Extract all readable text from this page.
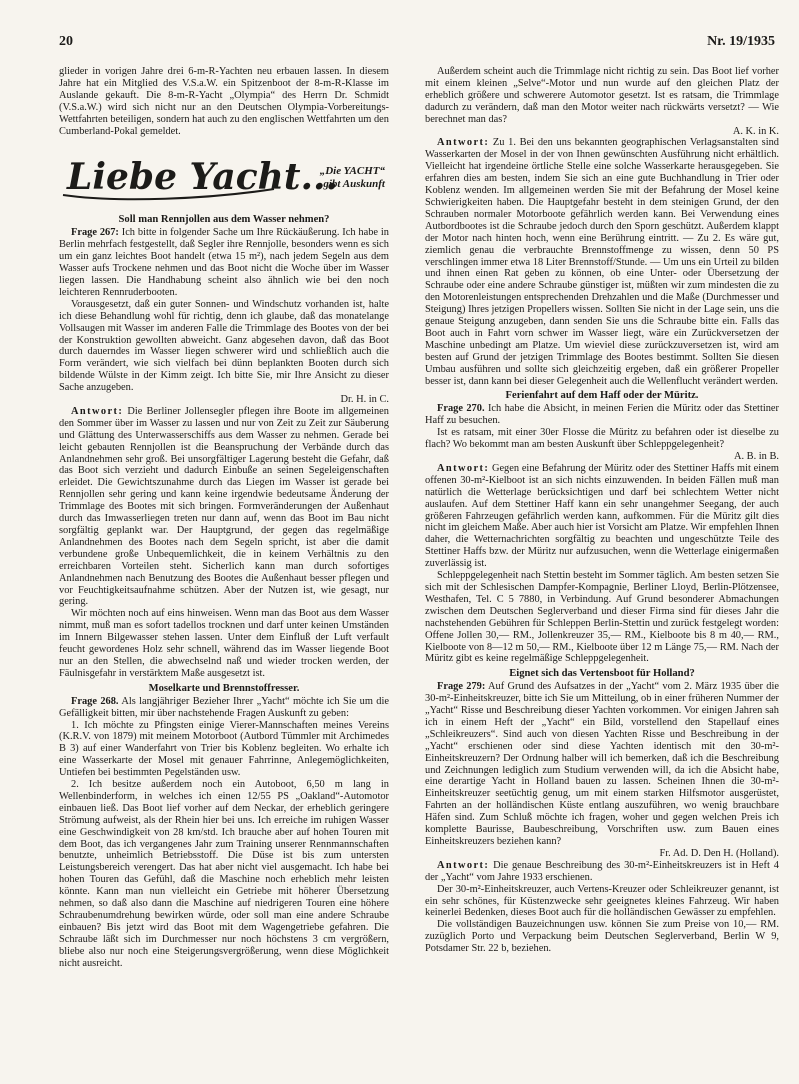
20	Nr. 19/1935

glieder in vorigen Jahre drei 6-m-R-Yachten neu erbauen lassen. In diesem Jahre hat ein Mitglied des V.S.a.W. ein Spitzenboot der 8-m-R-Klasse im Auslande gekauft. Die 8-m-R-Yacht „Olympia“ des Herrn Dr. Schmidt (V.S.a.W.) wird sich nicht nur an den Deutschen Olympia-Vorbereitungs-Wettfahrten beteiligen, sondern hat auch zu den englischen Wettfahrten um den Cumberland-Pokal gemeldet.

Liebe Yacht...
„Die YACHT“
gibt Auskunft
Soll man Rennjollen aus dem Wasser nehmen?

Frage 267: Ich bitte in folgender Sache um Ihre Rückäußerung. Ich habe in Berlin mehrfach festgestellt, daß Segler ihre Rennjolle, besonders wenn es sich um ein ganz leichtes Boot handelt (etwa 15 m²), nach jedem Segeln aus dem Wasser aufs Trockene nehmen und das Boot nicht die Woche über im Wasser liegen lassen. Die Handhabung scheint also ähnlich wie bei den noch leichteren Rennruderbooten.

Vorausgesetzt, daß ein guter Sonnen- und Windschutz vorhanden ist, halte ich diese Behandlung wohl für richtig, denn ich glaube, daß das monatelange Vollsaugen mit Wasser im anderen Falle die Trimmlage des Bootes von der bei der Konstruktion gewollten abweicht. Ganz abgesehen davon, daß das Boot durch dauerndes im Wasser liegen schwerer wird und schließlich auch die Form verändert, wie sich vielfach bei dünn beplankten Booten durch sich bildende Wülste in der Kimm zeigt. Ich bitte Sie, mir Ihre Ansicht zu dieser Sache anzugeben.

Dr. H. in C.

Antwort: Die Berliner Jollensegler pflegen ihre Boote im allgemeinen den Sommer über im Wasser zu lassen und nur von Zeit zu Zeit zur Säuberung und Glättung des Unterwasserschiffs aus dem Wasser zu nehmen. Gerade bei leicht gebauten Rennjollen ist die Beanspruchung der Verbände durch das Anlandnehmen sehr groß. Bei unsorgfältiger Lagerung besteht die Gefahr, daß das Boot sich verzieht und dadurch Einbuße an seinen Segeleigenschaften erleidet. Die Gewichtszunahme durch das Liegen im Wasser ist gerade bei Rennjollen sehr gering und kann keine irgendwie bedeutsame Änderung der Trimmlage des Bootes mit sich bringen. Formveränderungen der Außenhaut durch das Imwasserliegen treten nur dann auf, wenn das Boot im Bau nicht sorgfältig geplankt war. Der Hauptgrund, der gegen das regelmäßige Anlandnehmen des Bootes nach dem Segeln spricht, ist aber die damit verbundene große Unbequemlichkeit, die in keinem Verhältnis zu den erreichbaren Vorteilen steht. Sicherlich kann man durch sofortiges Anlandnehmen nach Benutzung des Bootes die Außenhaut besser pflegen und vor Feuchtigkeitsaufnahme schützen. Aber der Nutzen ist, wie gesagt, nur gering.

Wir möchten noch auf eins hinweisen. Wenn man das Boot aus dem Wasser nimmt, muß man es sofort tadellos trocknen und darf unter keinen Umständen im Innern Bilgewasser stehen lassen. Unter dem Einfluß der Luft verfault feucht gewordenes Holz sehr schnell, während das im Wasser liegende Boot nur an den Stellen, die abwechselnd naß und wieder trocken werden, der Fäulnisgefahr in verstärktem Maße ausgesetzt ist.

Moselkarte und Brennstoffresser.

Frage 268. Als langjähriger Bezieher Ihrer „Yacht“ möchte ich Sie um die Gefälligkeit bitten, mir über nachstehende Fragen Auskunft zu geben:

1. Ich möchte zu Pfingsten einige Vierer-Mannschaften meines Vereins (K.R.V. von 1879) mit meinem Motorboot (Autbord Tümmler mit Archimedes B 3) auf einer Wanderfahrt von Trier bis Koblenz begleiten. Wo erhalte ich eine Wasserkarte der Mosel mit genauer Fahrrinne, Anlegemöglichkeiten, Untiefen bei bestimmten Pegelständen usw.

2. Ich besitze außerdem noch ein Autoboot, 6,50 m lang in Wellenbinderform, in welches ich einen 12/55 PS „Oakland“-Automotor einbauen ließ. Das Boot lief vorher auf dem Neckar, der erheblich geringere Strömung aufweist, als der Rhein hier bei uns. Ich erreiche im ruhigen Wasser eine Geschwindigkeit von 28 km/std. Ich brauche aber auf hohen Touren mit dem Boot, das ich vergangenes Jahr zum Training unserer Rennmannschaften benutzte, unheimlich Betriebsstoff. Die Düse ist bis zum untersten Leistungsbereich verengert. Das hat aber nicht viel ausgemacht. Ich habe bei hohen Touren das Gefühl, daß die Maschine noch erheblich mehr leisten könnte. Kann man nun vielleicht ein Getriebe mit höherer Übersetzung nehmen, so daß also dann die Maschine auf niedrigeren Touren eine höhere Schraubenumdrehung bewirken würde, oder soll man eine andere Schraube einbauen? Bis jetzt wird das Boot mit dem Wagengetriebe gefahren. Die Schraube läßt sich im Durchmesser nur noch höchstens 3 cm vergrößern, bliebe also nur noch eine Steigerungsvergrößerung, wenn diese Möglichkeit nicht ausreicht.

Außerdem scheint auch die Trimmlage nicht richtig zu sein. Das Boot lief vorher mit einem kleinen „Selve“-Motor und nun wurde auf den gleichen Platz der erheblich größere und schwerere Automotor gesetzt. Ist es ratsam, die Trimmlage dadurch zu verändern, daß man den Motor weiter nach rückwärts versetzt? — Wie berechnet man das?

A. K. in K.

Antwort: Zu 1. Bei den uns bekannten geographischen Verlagsanstalten sind Wasserkarten der Mosel in der von Ihnen gewünschten Ausführung nicht erhältlich. Vielleicht hat irgendeine örtliche Stelle eine solche Wasserkarte herausgegeben. Sie erfahren dies am besten, indem Sie sich an eine gute Buchhandlung in Trier oder Koblenz wenden. Im allgemeinen werden Sie mit der Befahrung der Mosel keine Schwierigkeiten haben. Die Hauptgefahr besteht in dem steinigen Grund, der den Schrauben normaler Motorboote gefährlich werden kann. Bei Verwendung eines Autbordbootes ist die Schraube jedoch durch den Sporn geschützt. Außerdem klappt der Motor nach hinten hoch, wenn eine Berührung eintritt. — Zu 2. Es wäre gut, ziemlich genau die verbrauchte Brennstoffmenge zu wissen, denn 50 PS verschlingen immer etwa 18 Liter Brennstoff/Stunde. — Um uns ein Urteil zu bilden und ihnen einen Rat geben zu können, ob eine Unter- oder Übersetzung der Schraube oder eine andere Schraube günstiger ist, müßten wir zum mindesten die zu den Motorenleistungen entsprechenden Drehzahlen und die Maße (Durchmesser und Steigung) Ihres jetzigen Propellers wissen. Sollten Sie nicht in der Lage sein, uns die genaue Steigung anzugeben, dann senden Sie uns die Schraube bitte ein. Falls das Boot auch in Fahrt vorn schwer im Wasser liegt, wäre ein Zurückversetzen der Maschine unbedingt am Platze. Um wieviel diese zurückzuversetzen ist, wird am besten auf Grund der jetzigen Trimmlage des Bootes bestimmt. Sollten Sie diesen Umbau ausführen und sollte sich gleichzeitig ergeben, daß ein größerer Propeller besser ist, dann kann bei dieser Gelegenheit auch die Wellenflucht verändert werden.

Ferienfahrt auf dem Haff oder der Müritz.

Frage 270. Ich habe die Absicht, in meinen Ferien die Müritz oder das Stettiner Haff zu besuchen.

Ist es ratsam, mit einer 30er Flosse die Müritz zu befahren oder ist dieselbe zu flach? Wo bekommt man am besten Auskunft über Schleppgelegenheit?

A. B. in B.

Antwort: Gegen eine Befahrung der Müritz oder des Stettiner Haffs mit einem offenen 30-m²-Kielboot ist an sich nichts einzuwenden. In beiden Fällen muß man natürlich die Wetterlage berücksichtigen und darf bei schlechtem Wetter nicht auslaufen. Auf dem Stettiner Haff kann ein sehr unangehmer Seegang, der auch größeren Fahrzeugen gefährlich werden kann, aufkommen. Für die Müritz gilt dies nicht im gleichem Maße. Aber auch hier ist Vorsicht am Platze. Wir empfehlen Ihnen daher, die Wetternachrichten sorgfältig zu beachten und ungeschützte Teile des Stettiner Haffs bzw. der Müritz nur aufzusuchen, wenn die Wetterlage einigermaßen zuverlässig ist.

Schleppgelegenheit nach Stettin besteht im Sommer täglich. Am besten setzen Sie sich mit der Schlesischen Dampfer-Kompagnie, Berliner Lloyd, Berlin-Plötzensee, Westhafen, Tel. C 5 7880, in Verbindung. Auf Grund besonderer Abmachungen zwischen dem Deutschen Seglerverband und dieser Firma sind für dieses Jahr die nachstehenden Gebühren für Schleppen Berlin-Stettin und zurück festgelegt worden: Offene Jollen 30,— RM., Jollenkreuzer 35,— RM., Kielboote bis 8 m 40,— RM., Kielboote von 8—12 m 50,— RM., Kielboote über 12 m Länge 75,— RM. Nach der Müritz gibt es keine regelmäßige Schleppgelegenheit.

Eignet sich das Vertensboot für Holland?

Frage 279: Auf Grund des Aufsatzes in der „Yacht“ vom 2. März 1935 über die 30-m²-Einheitskreuzer, bitte ich Sie um Mitteilung, ob in einer früheren Nummer der „Yacht“ Risse und Beschreibung dieser Yachten vorkommen. Vor einigen Jahren sah ich in einem Heft der „Yacht“ ein Bild, vorstellend den Stapellauf eines „Schleikreuzers“. Sind auch von diesen Yachten Risse und Beschreibung in der „Yacht“ erschienen oder sind diese Yachten identisch mit den 30-m²-Einheitskreuzern? Der Ordnung halber will ich bemerken, daß ich die Beschreibung und Zeichnungen lediglich zum Studium verwenden will, da ich die Absicht habe, eine derartige Yacht in Holland bauen zu lassen. Scheinen Ihnen die 30-m²-Einheitskreuzer seetüchtig genug, um mit einem starken Hilfsmotor ausgerüstet, Fahrten an der holländischen Küste entlang auszuführen, wo wenig brauchbare Häfen sind. Zum Schluß möchte ich fragen, woher und gegen welchen Preis ich komplette Baurisse, Baubeschreibung, Vorschriften usw. zum Bauen eines Einheitskreuzers beziehen kann?

Fr. Ad. D. Den H. (Holland).

Antwort: Die genaue Beschreibung des 30-m²-Einheitskreuzers ist in Heft 4 der „Yacht“ vom Jahre 1933 erschienen.

Der 30-m²-Einheitskreuzer, auch Vertens-Kreuzer oder Schleikreuzer genannt, ist ein sehr schönes, für Küstenzwecke sehr geeignetes kleines Fahrzeug. Wir haben keinerlei Bedenken, dieses Boot auch für die holländischen Gewässer zu empfehlen.

Die vollständigen Bauzeichnungen usw. können Sie zum Preise von 10,— RM. zuzüglich Porto und Verpackung beim Deutschen Seglerverband, Berlin W 9, Potsdamer Str. 22 b, beziehen.
